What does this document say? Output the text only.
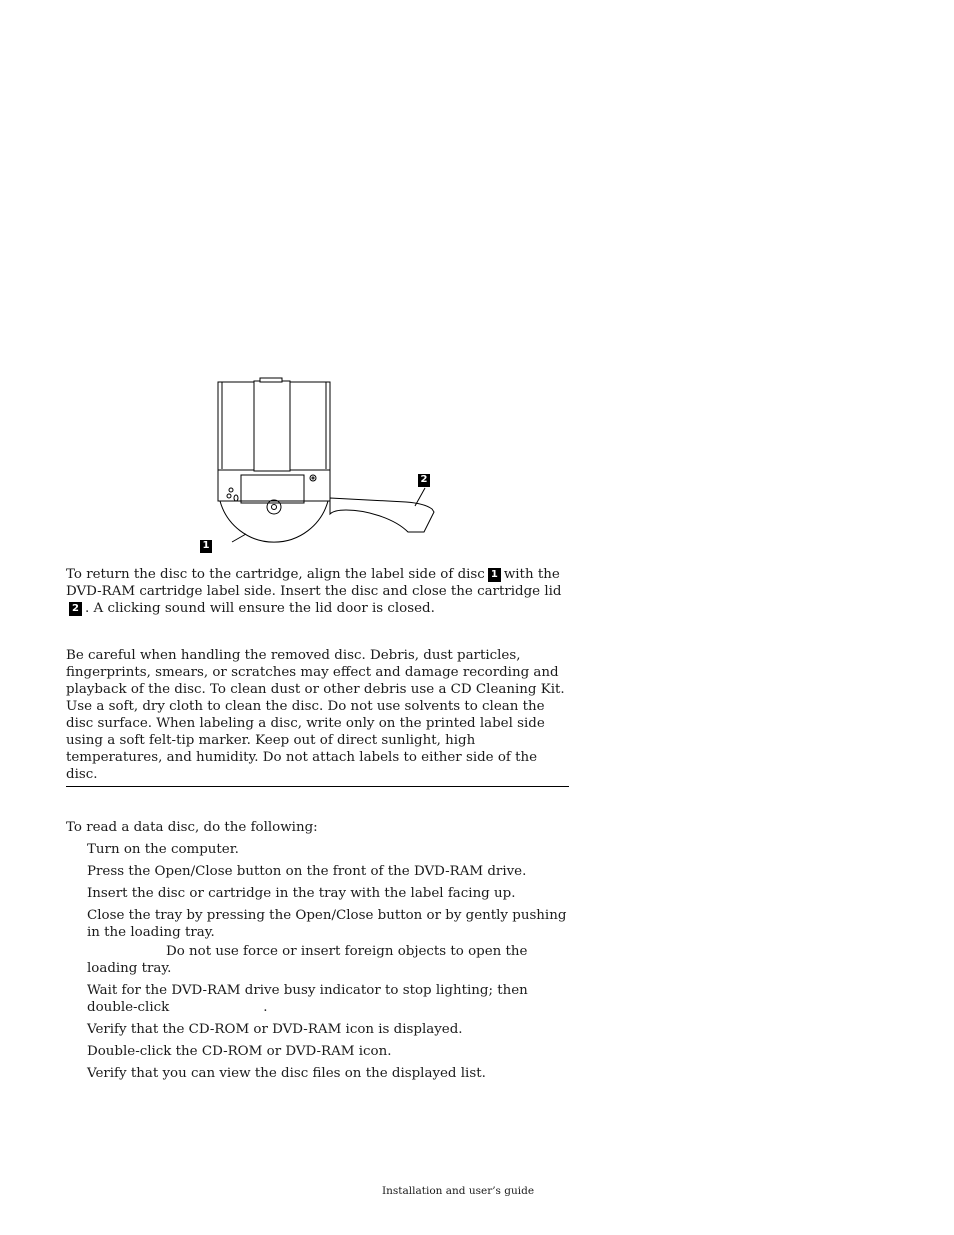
1
2

To return the disc to the cartridge, align the label side of disc 1 with the DVD-RAM cartridge label side. Insert the disc and close the cartridge lid2 . A clicking sound will ensure the lid door is closed.

Be careful when handling the removed disc. Debris, dust particles, fingerprints, smears, or scratches may effect and damage recording and playback of the disc. To clean dust or other debris use a CD Cleaning Kit. Use a soft, dry cloth to clean the disc. Do not use solvents to clean the disc surface. When labeling a disc, write only on the printed label side using a soft felt-tip marker. Keep out of direct sunlight, high temperatures, and humidity. Do not attach labels to either side of the disc.

To read a data disc, do the following:

Turn on the computer.
Press the Open/Close button on the front of the DVD-RAM drive.
Insert the disc or cartridge in the tray with the label facing up.
Close the tray by pressing the Open/Close button or by gently pushing in the loading tray.
Do not use force or insert foreign objects to open the loading tray.
Wait for the DVD-RAM drive busy indicator to stop lighting; then double-click	.
Verify that the CD-ROM or DVD-RAM icon is displayed.
Double-click the CD-ROM or DVD-RAM icon.
Verify that you can view the disc files on the displayed list.
Installation and user’s guide
